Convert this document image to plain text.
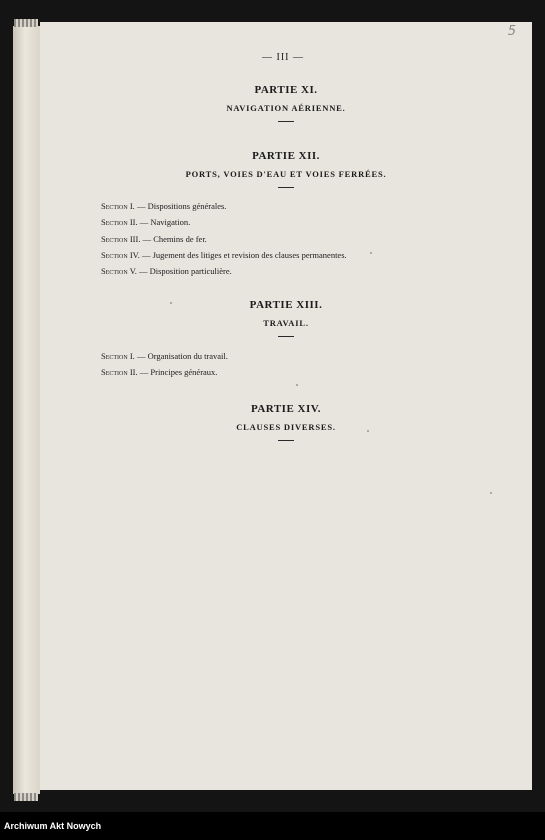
5
— III —
PARTIE XI.
NAVIGATION AÉRIENNE.
PARTIE XII.
PORTS, VOIES D'EAU ET VOIES FERRÉES.
Section I. — Dispositions générales.
Section II. — Navigation.
Section III. — Chemins de fer.
Section IV. — Jugement des litiges et revision des clauses permanentes.
Section V. — Disposition particulière.
PARTIE XIII.
TRAVAIL.
Section I. — Organisation du travail.
Section II. — Principes généraux.
PARTIE XIV.
CLAUSES DIVERSES.
Archiwum Akt Nowych
